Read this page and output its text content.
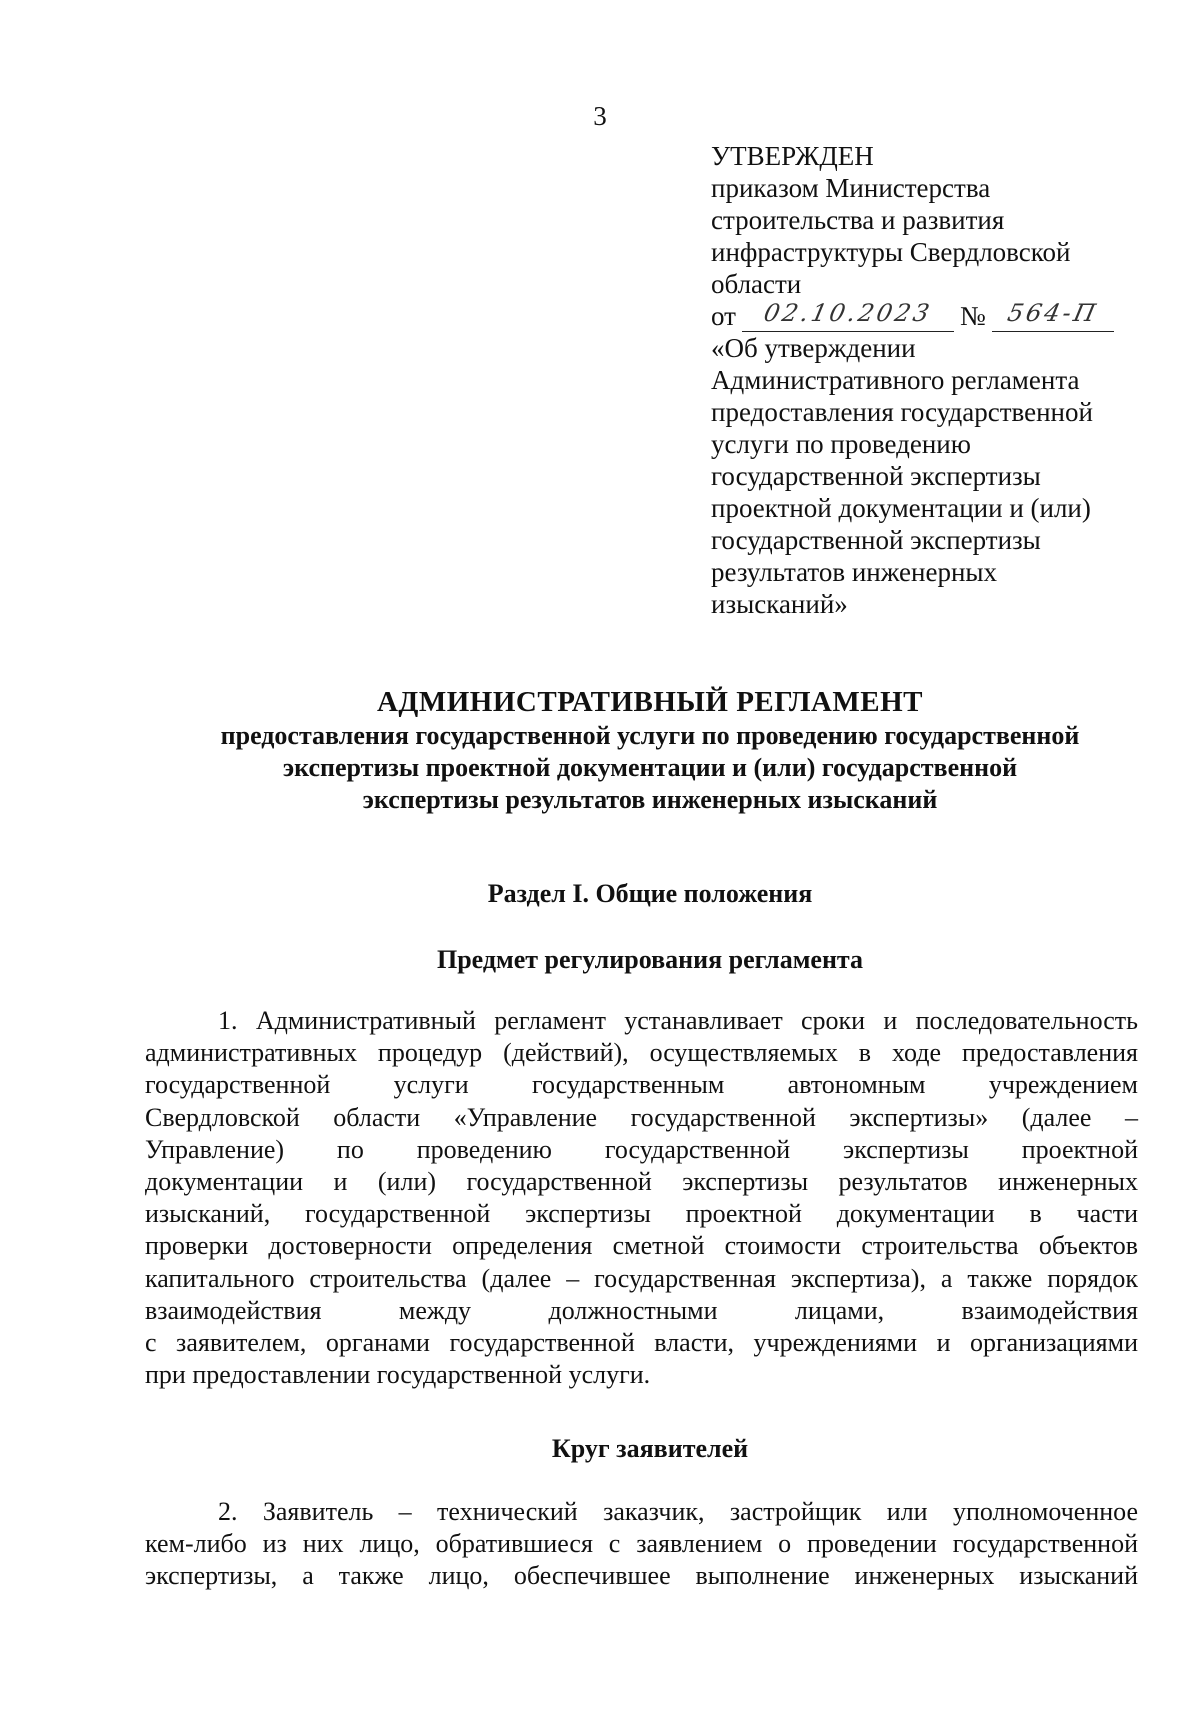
3
УТВЕРЖДЕН
приказом Министерства
строительства и развития
инфраструктуры Свердловской
области
от	02.10.2023 № 564-П
«Об утверждении
Административного регламента
предоставления государственной
услуги по проведению
государственной экспертизы
проектной документации и (или)
государственной экспертизы
результатов инженерных
изысканий»
АДМИНИСТРАТИВНЫЙ РЕГЛАМЕНТ
предоставления государственной услуги по проведению государственной
экспертизы проектной документации и (или) государственной
экспертизы результатов инженерных изысканий
Раздел I. Общие положения
Предмет регулирования регламента
1. Административный регламент устанавливает сроки и последовательность
административных процедур (действий), осуществляемых в ходе предоставления
государственной услуги государственным автономным учреждением
Свердловской области «Управление государственной экспертизы» (далее –
Управление) по проведению государственной экспертизы проектной
документации и (или) государственной экспертизы результатов инженерных
изысканий, государственной экспертизы проектной документации в части
проверки достоверности определения сметной стоимости строительства объектов
капитального строительства (далее – государственная экспертиза), а также порядок
взаимодействия между должностными лицами, взаимодействия
с заявителем, органами государственной власти, учреждениями и организациями
при предоставлении государственной услуги.
Круг заявителей
2. Заявитель – технический заказчик, застройщик или уполномоченное
кем-либо из них лицо, обратившиеся с заявлением о проведении государственной
экспертизы, а также лицо, обеспечившее выполнение инженерных изысканий
